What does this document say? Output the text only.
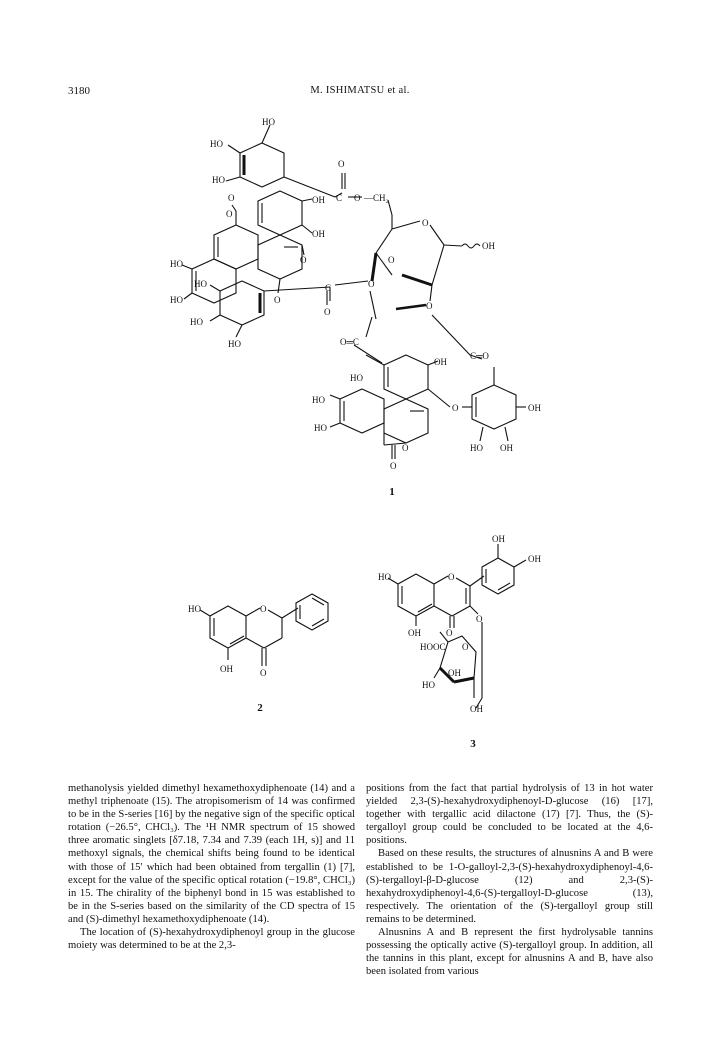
3180	M. ISHIMATSU et al.
HO
HO
HO
O
C O —CH₂
OH
OH
O
O
O
O
HO
HO
HO
HO
HO
C
O
O
OH
O
O
O
O═C
C═O
HO
OH
HO
HO
O	OH
HO OH
O
O
1
HO	O
OH	O
2
OH
OH
HO	O
O
OH	O
HOOC O
OH
HO
OH
3

methanolysis yielded dimethyl hexamethoxydiphenoate (14) and a methyl triphenoate (15). The atropisomerism of 14 was confirmed to be in the S-series [16] by the negative sign of the specific optical rotation (−26.5°, CHCl₃). The ¹H NMR spectrum of 15 showed three aromatic singlets [δ7.18, 7.34 and 7.39 (each 1H, s)] and 11 methoxyl signals, the chemical shifts being found to be identical with those of 15′ which had been obtained from tergallin (1) [7], except for the value of the specific optical rotation (−19.8°, CHCl₃) in 15. The chirality of the biphenyl bond in 15 was established to be in the S-series based on the similarity of the CD spectra of 15 and (S)-dimethyl hexamethoxydiphenoate (14).

The location of (S)-hexahydroxydiphenoyl group in the glucose moiety was determined to be at the 2,3-

positions from the fact that partial hydrolysis of 13 in hot water yielded 2,3-(S)-hexahydroxydiphenoyl-D-glucose (16) [17], together with tergallic acid dilactone (17) [7]. Thus, the (S)-tergalloyl group could be concluded to be located at the 4,6-positions.

Based on these results, the structures of alnusnins A and B were established to be 1-O-galloyl-2,3-(S)-hexahydroxydiphenoyl-4,6-(S)-tergalloyl-β-D-glucose (12) and 2,3-(S)-hexahydroxydiphenoyl-4,6-(S)-tergalloyl-D-glucose (13), respectively. The orientation of the (S)-tergalloyl group still remains to be determined.

Alnusnins A and B represent the first hydrolysable tannins possessing the optically active (S)-tergalloyl group. In addition, all the tannins in this plant, except for alnusnins A and B, have also been isolated from various
